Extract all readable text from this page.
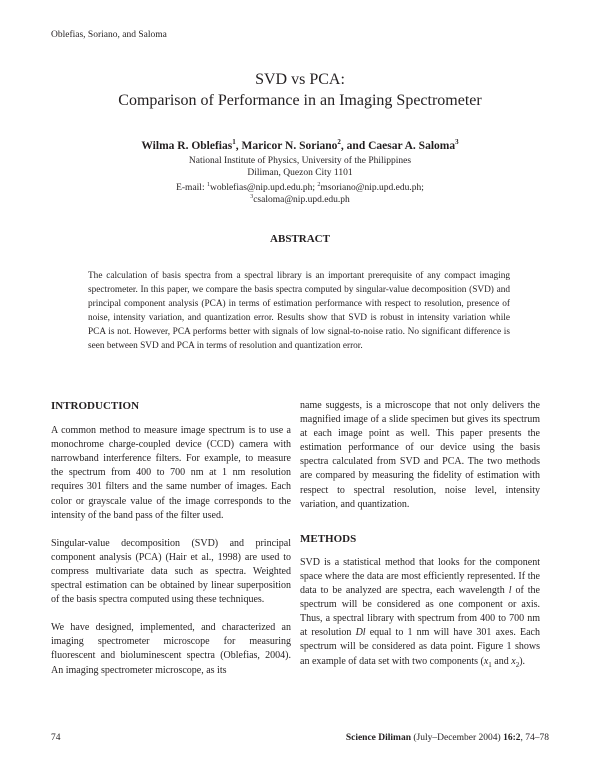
Oblefias, Soriano, and Saloma
SVD vs PCA:
Comparison of Performance in an Imaging Spectrometer
Wilma R. Oblefias$^1$, Maricor N. Soriano$^2$, and Caesar A. Saloma$^3$
National Institute of Physics, University of the Philippines
Diliman, Quezon City 1101
E-mail: $^1$woblefias@nip.upd.edu.ph; $^2$msoriano@nip.upd.edu.ph;
$^3$csaloma@nip.upd.edu.ph
ABSTRACT
The calculation of basis spectra from a spectral library is an important prerequisite of any compact imaging spectrometer. In this paper, we compare the basis spectra computed by singular-value decomposition (SVD) and principal component analysis (PCA) in terms of estimation performance with respect to resolution, presence of noise, intensity variation, and quantization error. Results show that SVD is robust in intensity variation while PCA is not. However, PCA performs better with signals of low signal-to-noise ratio. No significant difference is seen between SVD and PCA in terms of resolution and quantization error.
INTRODUCTION

A common method to measure image spectrum is to use a monochrome charge-coupled device (CCD) camera with narrowband interference filters. For example, to measure the spectrum from 400 to 700 nm at 1 nm resolution requires 301 filters and the same number of images. Each color or grayscale value of the image corresponds to the intensity of the band pass of the filter used.

Singular-value decomposition (SVD) and principal component analysis (PCA) (Hair et al., 1998) are used to compress multivariate data such as spectra. Weighted spectral estimation can be obtained by linear superposition of the basis spectra computed using these techniques.

We have designed, implemented, and characterized an imaging spectrometer microscope for measuring fluorescent and bioluminescent spectra (Oblefias, 2004). An imaging spectrometer microscope, as its

name suggests, is a microscope that not only delivers the magnified image of a slide specimen but gives its spectrum at each image point as well. This paper presents the estimation performance of our device using the basis spectra calculated from SVD and PCA. The two methods are compared by measuring the fidelity of estimation with respect to spectral resolution, noise level, intensity variation, and quantization.

METHODS

SVD is a statistical method that looks for the component space where the data are most efficiently represented. If the data to be analyzed are spectra, each wavelength l of the spectrum will be considered as one component or axis. Thus, a spectral library with spectrum from 400 to 700 nm at resolution Dl equal to 1 nm will have 301 axes. Each spectrum will be considered as data point. Figure 1 shows an example of data set with two components ($x_1$ and $x_2$).

74	Science Diliman (July–December 2004) 16:2, 74–78
